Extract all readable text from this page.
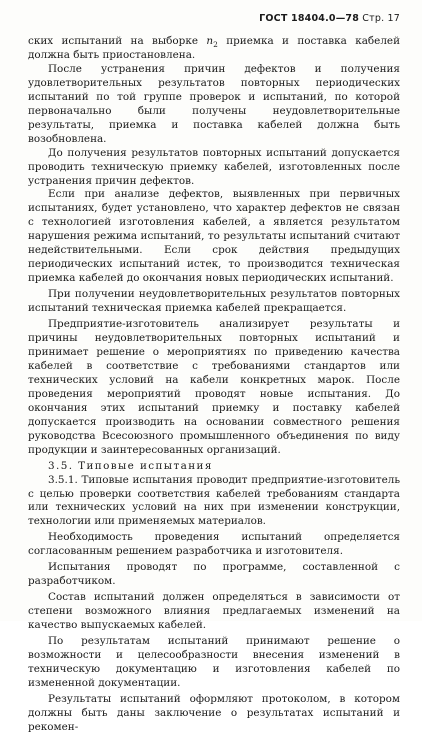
ГОСТ 18404.0—78 Стр. 17

ских испытаний на выборке $n_2$ приемка и поставка кабелей должна быть приостановлена.

После устранения причин дефектов и получения удовлетворительных результатов повторных периодических испытаний по той группе проверок и испытаний, по которой первоначально были получены неудовлетворительные результаты, приемка и поставка кабелей должна быть возобновлена.

До получения результатов повторных испытаний допускается проводить техническую приемку кабелей, изготовленных после устранения причин дефектов.

Если при анализе дефектов, выявленных при первичных испытаниях, будет установлено, что характер дефектов не связан с технологией изготовления кабелей, а является результатом нарушения режима испытаний, то результаты испытаний считают недействительными. Если срок действия предыдущих периодических испытаний истек, то производится техническая приемка кабелей до окончания новых периодических испытаний.

При получении неудовлетворительных результатов повторных испытаний техническая приемка кабелей прекращается.

Предприятие-изготовитель анализирует результаты и причины неудовлетворительных повторных испытаний и принимает решение о мероприятиях по приведению качества кабелей в соответствие с требованиями стандартов или технических условий на кабели конкретных марок. После проведения мероприятий проводят новые испытания. До окончания этих испытаний приемку и поставку кабелей допускается производить на основании совместного решения руководства Всесоюзного промышленного объединения по виду продукции и заинтересованных организаций.

3.5. Типовые испытания

3.5.1. Типовые испытания проводит предприятие-изготовитель с целью проверки соответствия кабелей требованиям стандарта или технических условий на них при изменении конструкции, технологии или применяемых материалов.

Необходимость проведения испытаний определяется согласованным решением разработчика и изготовителя.

Испытания проводят по программе, составленной с разработчиком.

Состав испытаний должен определяться в зависимости от степени возможного влияния предлагаемых изменений на качество выпускаемых кабелей.

По результатам испытаний принимают решение о возможности и целесообразности внесения изменений в техническую документацию и изготовления кабелей по измененной документации.

Результаты испытаний оформляют протоколом, в котором должны быть даны заключение о результатах испытаний и рекомен-
